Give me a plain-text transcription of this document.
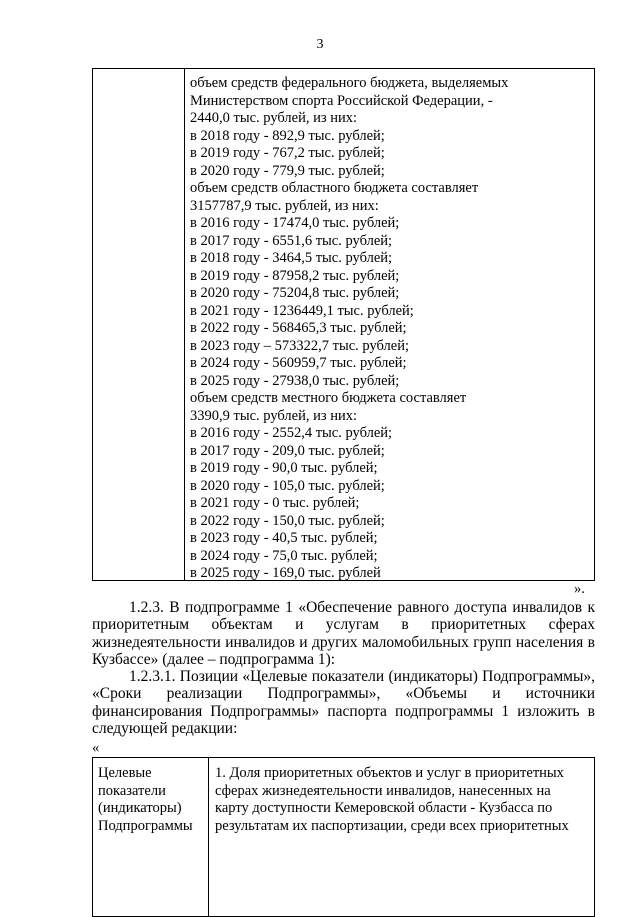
3
объем средств федерального бюджета, выделяемых
Министерством спорта Российской Федерации, -
2440,0 тыс. рублей, из них:
в 2018 году - 892,9 тыс. рублей;
в 2019 году - 767,2 тыс. рублей;
в 2020 году - 779,9 тыс. рублей;
объем средств областного бюджета составляет
3157787,9 тыс. рублей, из них:
в 2016 году - 17474,0 тыс. рублей;
в 2017 году - 6551,6 тыс. рублей;
в 2018 году - 3464,5 тыс. рублей;
в 2019 году - 87958,2 тыс. рублей;
в 2020 году - 75204,8 тыс. рублей;
в 2021 году - 1236449,1 тыс. рублей;
в 2022 году - 568465,3 тыс. рублей;
в 2023 году – 573322,7 тыс. рублей;
в 2024 году - 560959,7 тыс. рублей;
в 2025 году - 27938,0 тыс. рублей;
объем средств местного бюджета составляет
3390,9 тыс. рублей, из них:
в 2016 году - 2552,4 тыс. рублей;
в 2017 году - 209,0 тыс. рублей;
в 2019 году - 90,0 тыс. рублей;
в 2020 году - 105,0 тыс. рублей;
в 2021 году - 0 тыс. рублей;
в 2022 году - 150,0 тыс. рублей;
в 2023 году - 40,5 тыс. рублей;
в 2024 году - 75,0 тыс. рублей;
в 2025 году - 169,0 тыс. рублей
».
1.2.3. В подпрограмме 1 «Обеспечение равного доступа инвалидов к приоритетным объектам и услугам в приоритетных сферах жизнедеятельности инвалидов и других маломобильных групп населения в Кузбассе» (далее – подпрограмма 1):
1.2.3.1. Позиции «Целевые показатели (индикаторы) Подпрограммы», «Сроки реализации Подпрограммы», «Объемы и источники финансирования Подпрограммы» паспорта подпрограммы 1 изложить в следующей редакции:
«
Целевые
показатели
(индикаторы)
Подпрограммы
1. Доля приоритетных объектов и услуг в приоритетных
сферах жизнедеятельности инвалидов, нанесенных на
карту доступности Кемеровской области - Кузбасса по
результатам их паспортизации, среди всех приоритетных
